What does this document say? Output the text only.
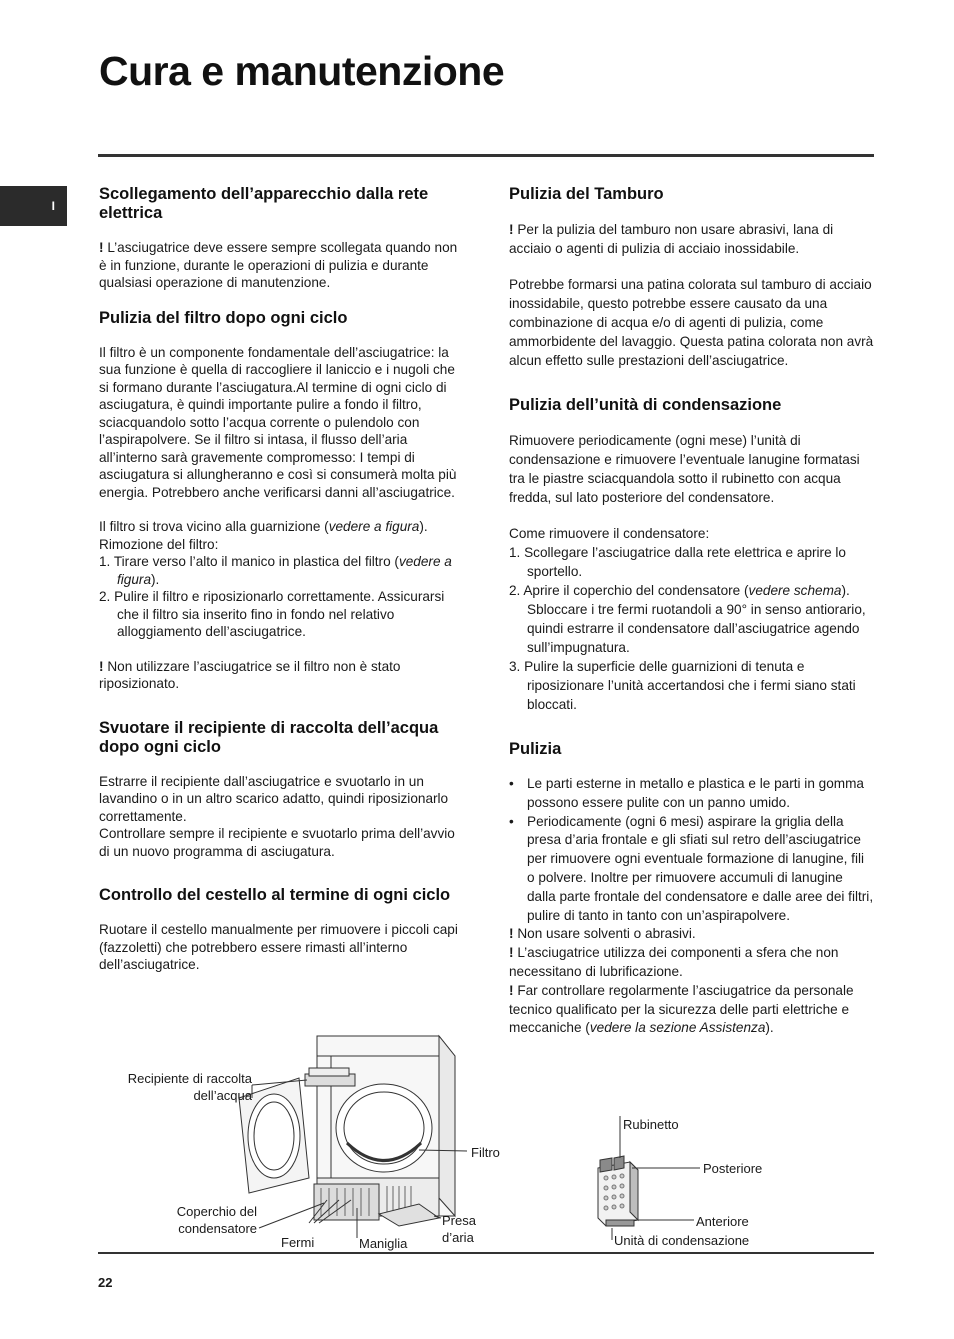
Cura e manutenzione
I
Scollegamento dell’apparecchio dalla rete elettrica

! L’asciugatrice deve essere sempre scollegata quando non è in funzione, durante le operazioni di pulizia e durante qualsiasi operazione di manutenzione.

Pulizia del filtro dopo ogni ciclo

Il filtro è un componente fondamentale dell’asciugatrice: la sua funzione è quella di raccogliere il laniccio e i nugoli che si formano durante l’asciugatura.Al termine di ogni ciclo di asciugatura, è quindi importante pulire a fondo il filtro, sciacquandolo sotto l’acqua corrente o pulendolo con l’aspirapolvere. Se il filtro si intasa, il flusso dell’aria all’interno sarà gravemente compromesso: I tempi di asciugatura si allungheranno e così si consumerà molta più energia. Potrebbero anche verificarsi danni all’asciugatrice.

Il filtro si trova vicino alla guarnizione (vedere a figura).
Rimozione del filtro:
1. Tirare verso l’alto il manico in plastica del filtro (vedere a figura).
2. Pulire il filtro e riposizionarlo correttamente. Assicurarsi che il filtro sia inserito fino in fondo nel relativo alloggiamento dell’asciugatrice.

! Non utilizzare l’asciugatrice se il filtro non è stato riposizionato.

Svuotare il recipiente di raccolta dell’acqua dopo ogni ciclo
Estrarre il recipiente dall’asciugatrice e svuotarlo in un lavandino o in un altro scarico adatto, quindi riposizionarlo correttamente.

Controllare sempre il recipiente e svuotarlo prima dell’avvio di un nuovo programma di asciugatura.

Controllo del cestello al termine di ogni ciclo

Ruotare il cestello manualmente per rimuovere i piccoli capi (fazzoletti) che potrebbero essere rimasti all’interno dell’asciugatrice.

Pulizia del Tamburo

! Per la pulizia del tamburo non usare abrasivi, lana di acciaio o agenti di pulizia di acciaio inossidabile.

Potrebbe formarsi una patina colorata sul tamburo di acciaio inossidabile, questo potrebbe essere causato da una combinazione di acqua e/o di agenti di pulizia, come ammorbidente del lavaggio. Questa patina colorata non avrà alcun effetto sulle prestazioni dell’asciugatrice.

Pulizia dell’unità di condensazione

Rimuovere periodicamente (ogni mese) l’unità di condensazione e rimuovere l’eventuale lanugine formatasi tra le piastre sciacquandola sotto il rubinetto con acqua fredda, sul lato posteriore del condensatore.

Come rimuovere il condensatore:
1. Scollegare l’asciugatrice dalla rete elettrica e aprire lo sportello.
2. Aprire il coperchio del condensatore (vedere schema). Sbloccare i tre fermi ruotandoli a 90° in senso antiorario, quindi estrarre il condensatore dall’asciugatrice agendo sull’impugnatura.
3. Pulire la superficie delle guarnizioni di tenuta e riposizionare l’unità accertandosi che i fermi siano stati bloccati.
Pulizia
• Le parti esterne in metallo e plastica e le parti in gomma possono essere pulite con un panno umido.
• Periodicamente (ogni 6 mesi) aspirare la griglia della presa d’aria frontale e gli sfiati sul retro dell’asciugatrice per rimuovere ogni eventuale formazione di lanugine, fili o polvere. Inoltre per rimuovere accumuli di lanugine dalla parte frontale del condensatore e dalle aree dei filtri, pulire di tanto in tanto con un’aspirapolvere.
! Non usare solventi o abrasivi.
! L’asciugatrice utilizza dei componenti a sfera che non necessitano di lubrificazione.
! Far controllare regolarmente l’asciugatrice da personale tecnico qualificato per la sicurezza delle parti elettriche e meccaniche (vedere la sezione Assistenza).
Recipiente di raccolta dell’acqua
Filtro
Coperchio del condensatore
Fermi	Maniglia
Presa d’aria
Rubinetto
Posteriore
Anteriore
Unità di condensazione
22
